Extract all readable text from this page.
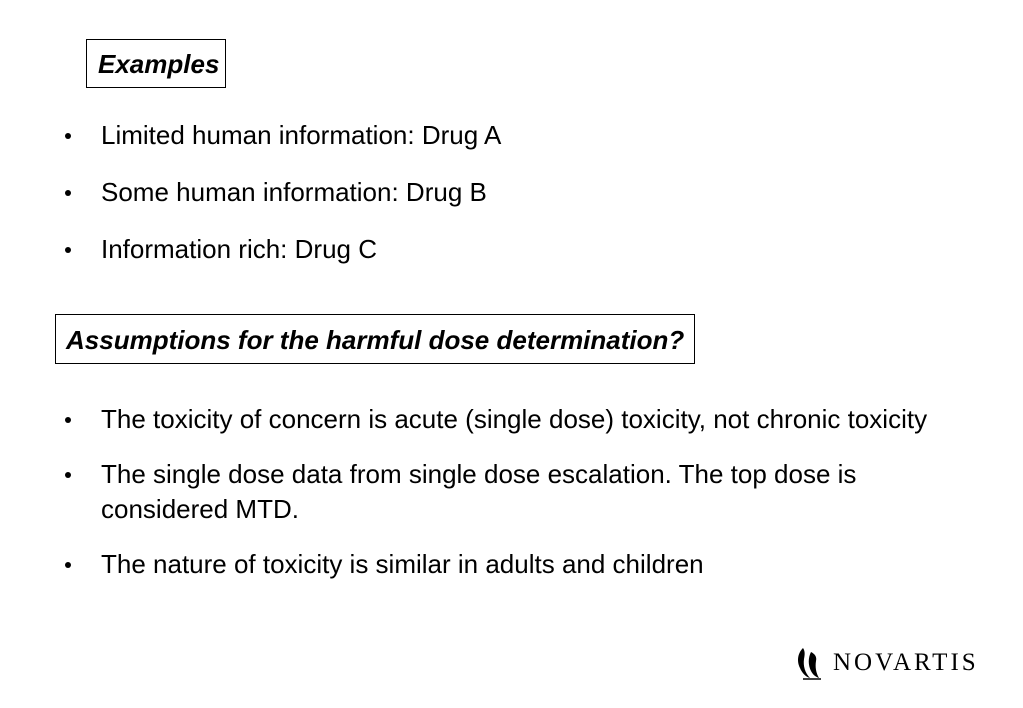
Examples
Limited human information: Drug A
Some human information: Drug B
Information rich: Drug C
Assumptions for the harmful dose determination?
The toxicity of concern is acute (single dose) toxicity, not chronic toxicity
The single dose data from single dose escalation. The top dose is considered MTD.
The nature of toxicity is similar in adults and children
NOVARTIS
